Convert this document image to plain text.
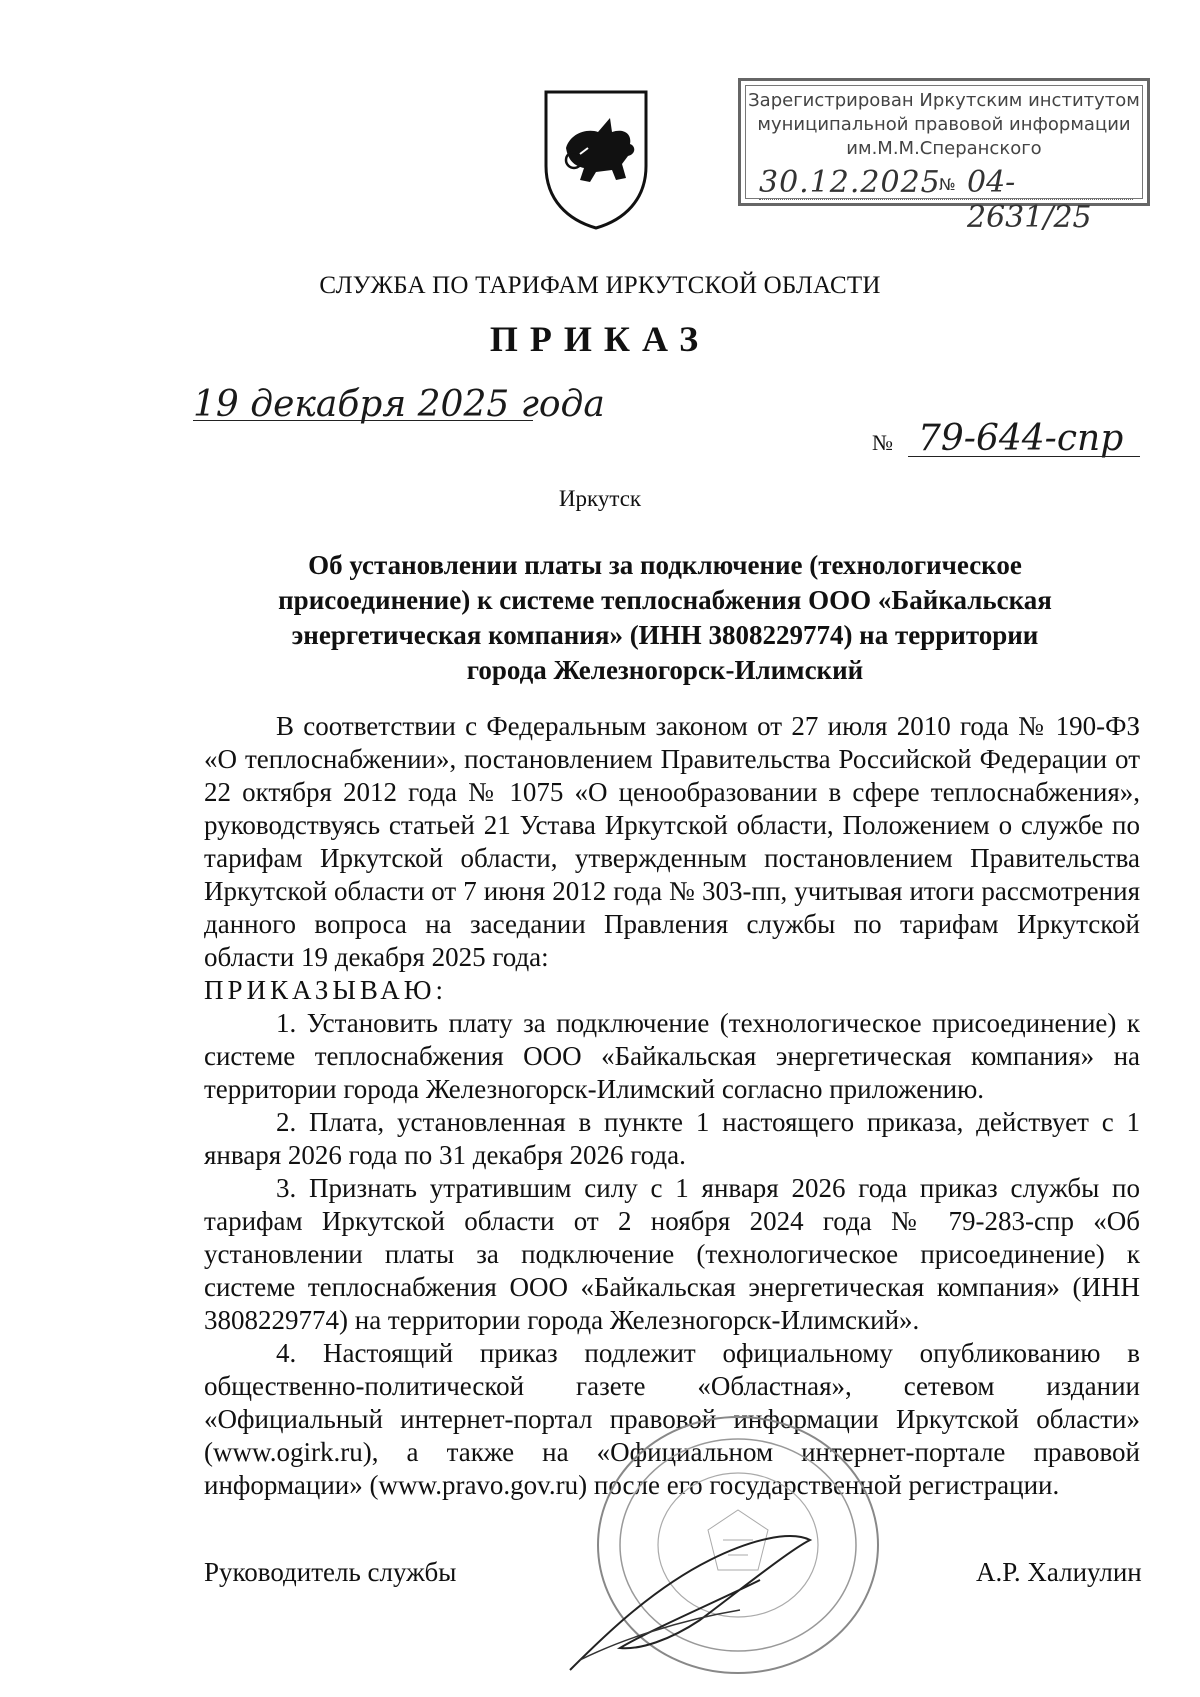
Зарегистрирован Иркутским институтом
муниципальной правовой информации
им.М.М.Сперанского
30.12.2025
№ 04-2631/25
СЛУЖБА ПО ТАРИФАМ ИРКУТСКОЙ ОБЛАСТИ
ПРИКАЗ
19 декабря 2025 года
№ 79-644-спр
Иркутск
Об установлении платы за подключение (технологическое
присоединение) к системе теплоснабжения ООО «Байкальская
энергетическая компания» (ИНН 3808229774) на территории
города Железногорск-Илимский

В соответствии с Федеральным законом от 27 июля 2010 года № 190-ФЗ «О теплоснабжении», постановлением Правительства Российской Федерации от 22 октября 2012 года № 1075 «О ценообразовании в сфере теплоснабжения», руководствуясь статьей 21 Устава Иркутской области, Положением о службе по тарифам Иркутской области, утвержденным постановлением Правительства Иркутской области от 7 июня 2012 года № 303-пп, учитывая итоги рассмотрения данного вопроса на заседании Правления службы по тарифам Иркутской области 19 декабря 2025 года:

ПРИКАЗЫВАЮ:

1. Установить плату за подключение (технологическое присоединение) к системе теплоснабжения ООО «Байкальская энергетическая компания» на территории города Железногорск-Илимский согласно приложению.

2. Плата, установленная в пункте 1 настоящего приказа, действует с 1 января 2026 года по 31 декабря 2026 года.

3. Признать утратившим силу с 1 января 2026 года приказ службы по тарифам Иркутской области от 2 ноября 2024 года № 79-283-спр «Об установлении платы за подключение (технологическое присоединение) к системе теплоснабжения ООО «Байкальская энергетическая компания» (ИНН 3808229774) на территории города Железногорск-Илимский».

4. Настоящий приказ подлежит официальному опубликованию в общественно-политической газете «Областная», сетевом издании «Официальный интернет-портал правовой информации Иркутской области» (www.ogirk.ru), а также на «Официальном интернет-портале правовой информации» (www.pravo.gov.ru) после его государственной регистрации.

Руководитель службы	А.Р. Халиулин
